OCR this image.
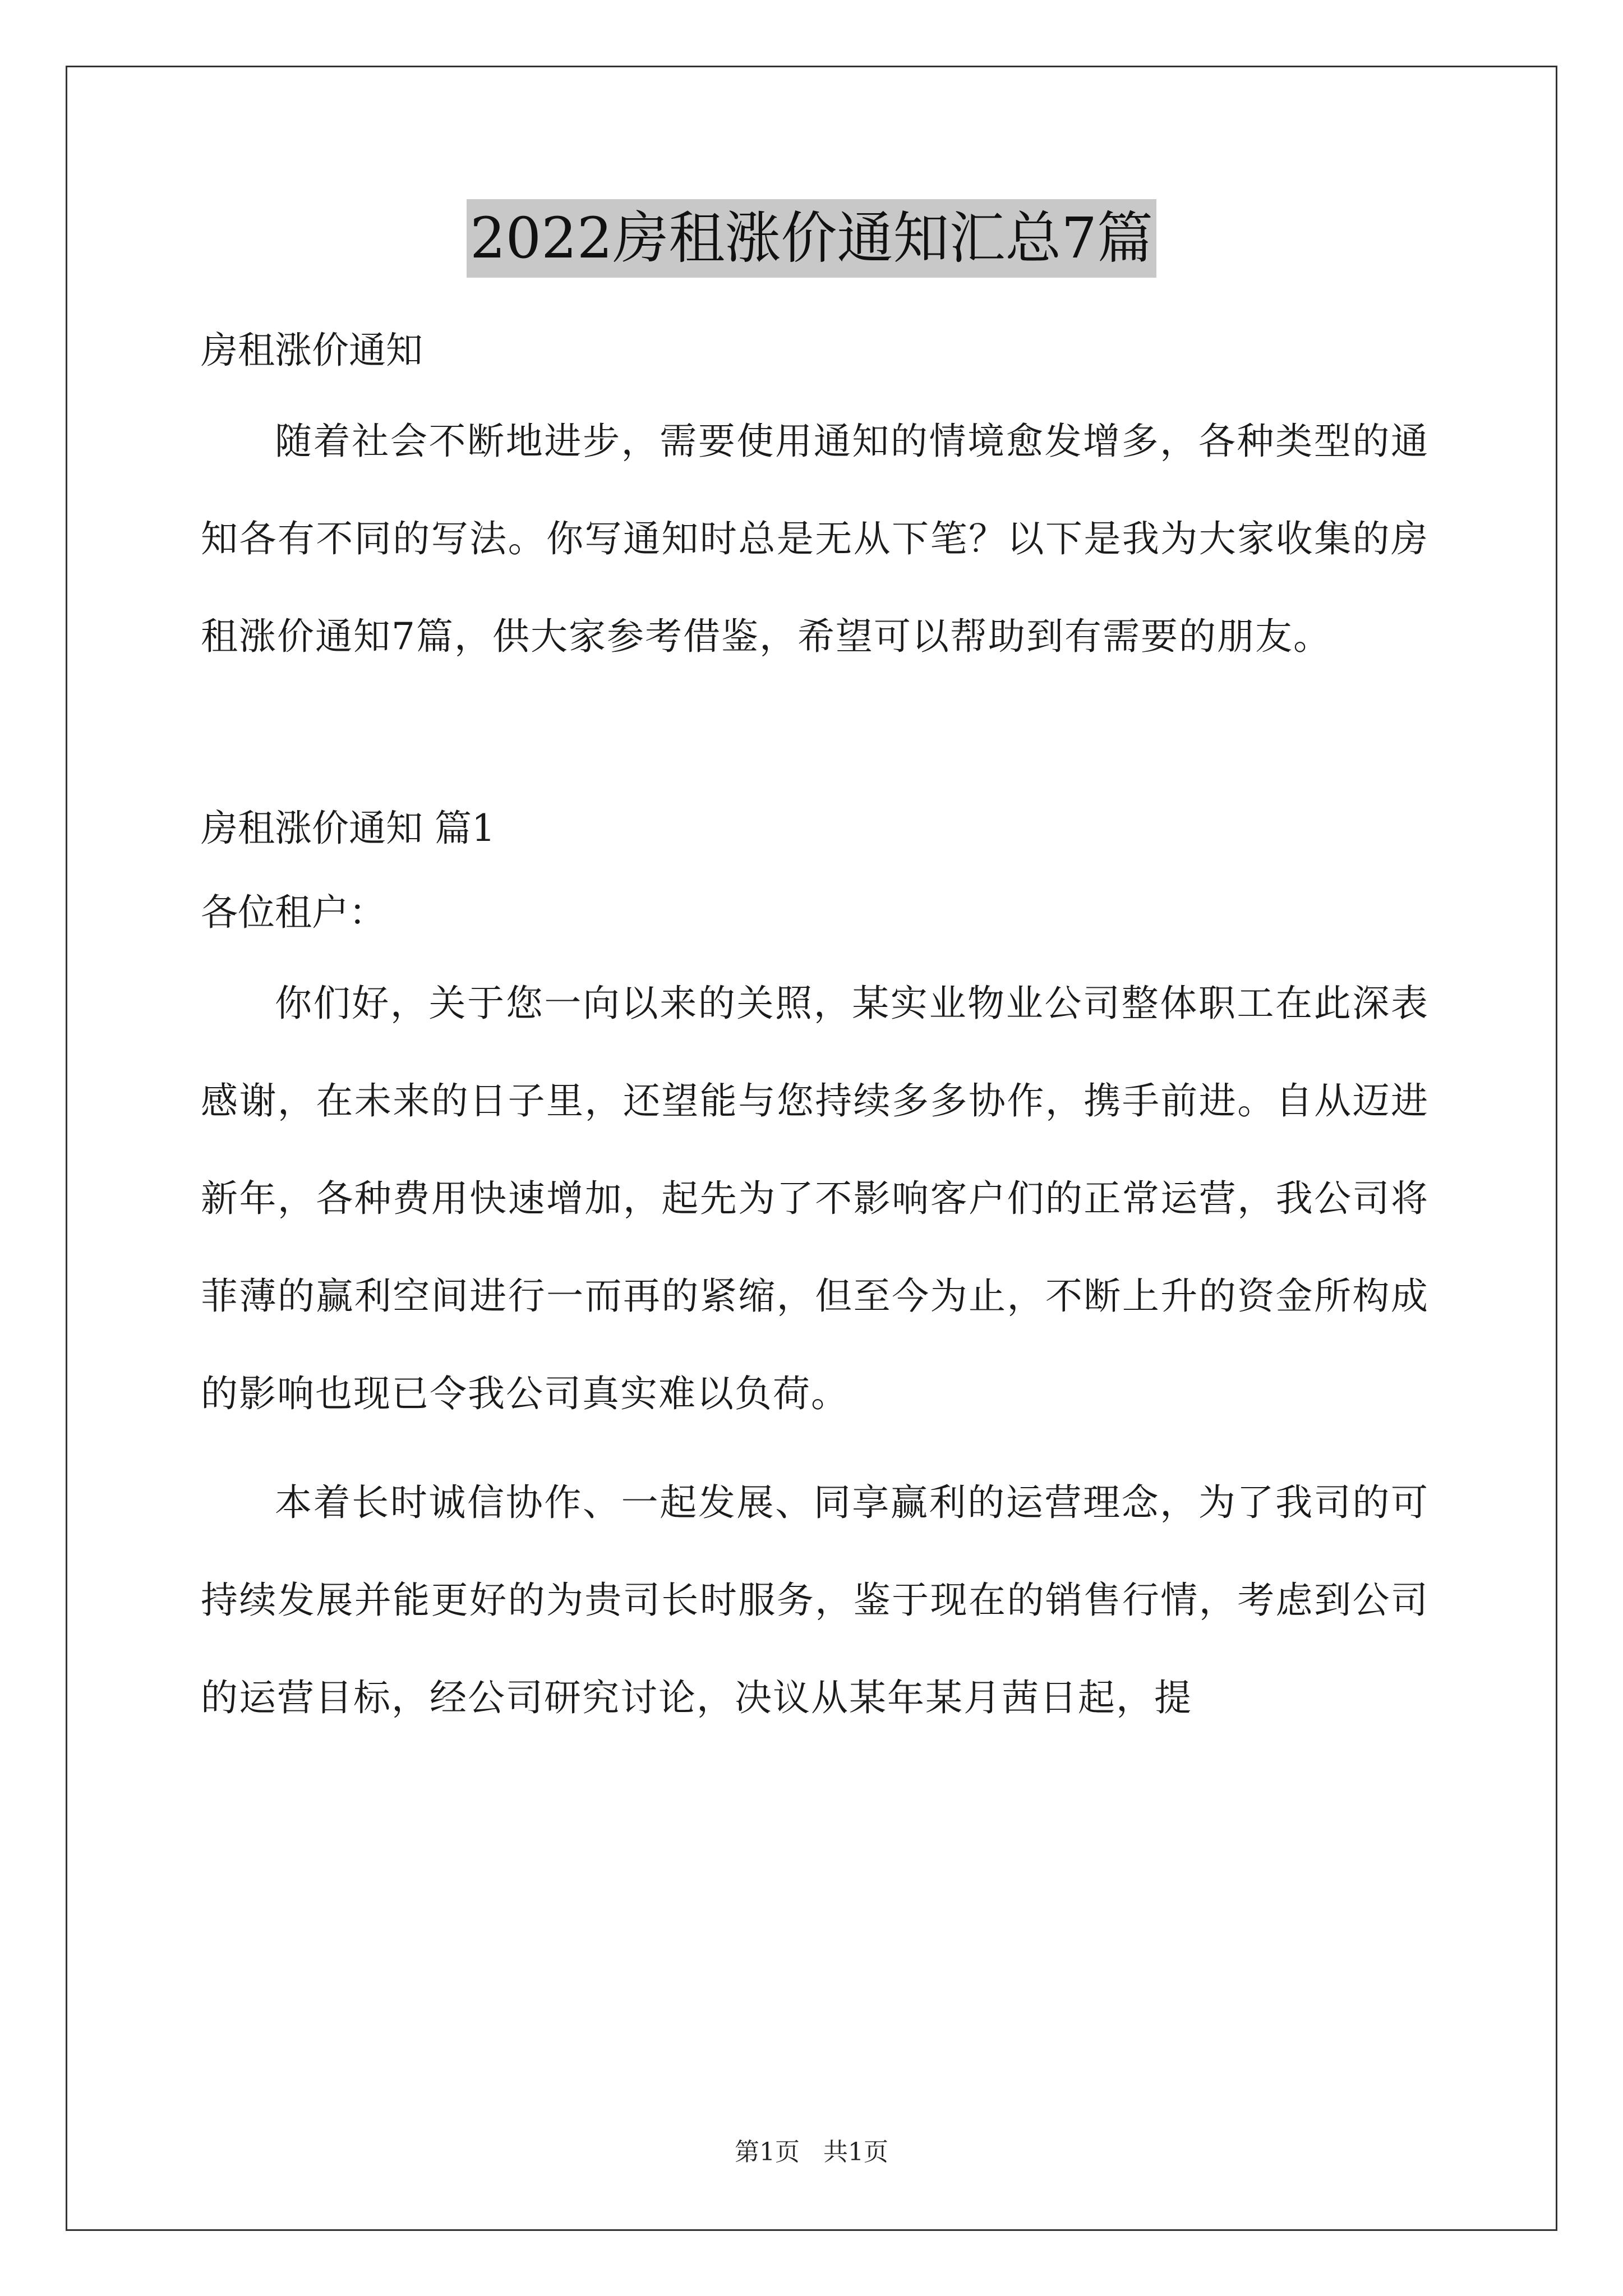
2022房租涨价通知汇总7篇

房租涨价通知

随着社会不断地进步，需要使用通知的情境愈发增多，各种类型的通知各有不同的写法。你写通知时总是无从下笔？以下是我为大家收集的房租涨价通知7篇，供大家参考借鉴，希望可以帮助到有需要的朋友。

房租涨价通知 篇1

各位租户：

你们好，关于您一向以来的关照，某实业物业公司整体职工在此深表感谢，在未来的日子里，还望能与您持续多多协作，携手前进。自从迈进新年，各种费用快速增加，起先为了不影响客户们的正常运营，我公司将菲薄的赢利空间进行一而再的紧缩，但至今为止，不断上升的资金所构成的影响也现已令我公司真实难以负荷。

本着长时诚信协作、一起发展、同享赢利的运营理念，为了我司的可持续发展并能更好的为贵司长时服务，鉴于现在的销售行情，考虑到公司的运营目标，经公司研究讨论，决议从某年某月茜日起，提

第1页   共1页
